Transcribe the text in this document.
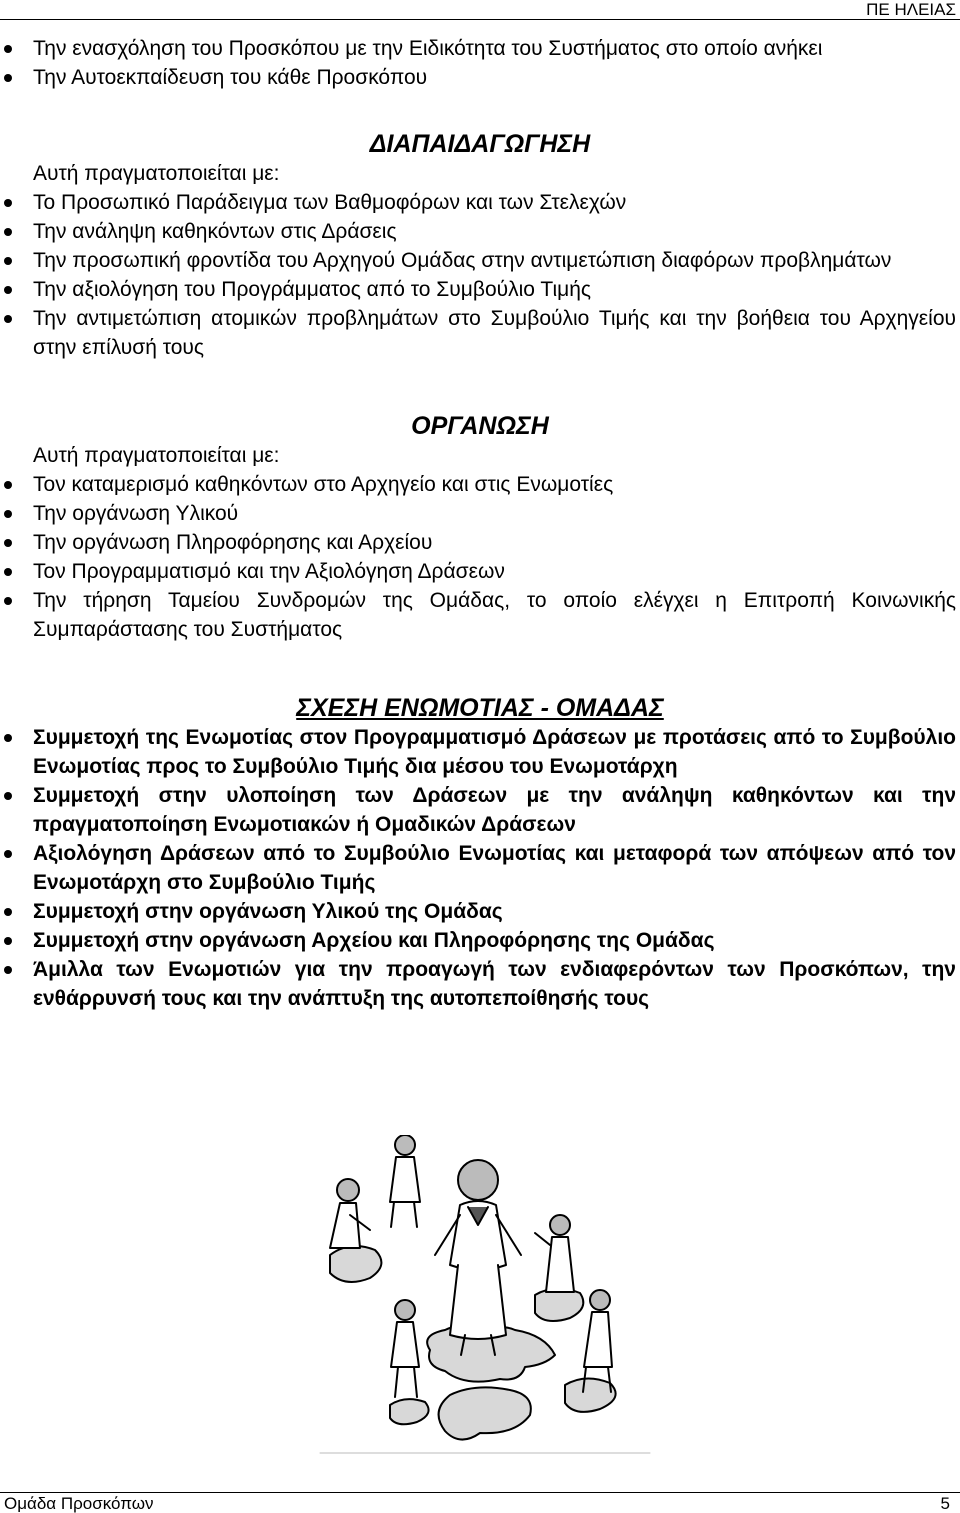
ΠΕ ΗΛΕΙΑΣ
Την ενασχόληση του Προσκόπου με την Ειδικότητα του Συστήματος στο οποίο ανήκει
Την Αυτοεκπαίδευση του κάθε Προσκόπου
ΔΙΑΠΑΙΔΑΓΩΓΗΣΗ
Αυτή πραγματοποιείται με:
Το Προσωπικό Παράδειγμα των Βαθμοφόρων και των Στελεχών
Την ανάληψη καθηκόντων στις Δράσεις
Την προσωπική φροντίδα του Αρχηγού Ομάδας στην αντιμετώπιση διαφόρων προβλημάτων
Την αξιολόγηση του Προγράμματος από το Συμβούλιο Τιμής
Την αντιμετώπιση ατομικών προβλημάτων στο Συμβούλιο Τιμής και την βοήθεια του Αρχηγείου στην επίλυσή τους
ΟΡΓΑΝΩΣΗ
Αυτή πραγματοποιείται με:
Τον καταμερισμό καθηκόντων στο Αρχηγείο και στις Ενωμοτίες
Την οργάνωση Υλικού
Την οργάνωση Πληροφόρησης και Αρχείου
Τον Προγραμματισμό και την Αξιολόγηση Δράσεων
Την τήρηση Ταμείου Συνδρομών της Ομάδας, το οποίο ελέγχει η Επιτροπή Κοινωνικής Συμπαράστασης του Συστήματος
ΣΧΕΣΗ ΕΝΩΜΟΤΙΑΣ - ΟΜΑΔΑΣ
Συμμετοχή της Ενωμοτίας στον Προγραμματισμό Δράσεων με προτάσεις από το Συμβούλιο Ενωμοτίας προς το Συμβούλιο Τιμής δια μέσου του Ενωμοτάρχη
Συμμετοχή στην υλοποίηση των Δράσεων με την ανάληψη καθηκόντων και την πραγματοποίηση Ενωμοτιακών ή Ομαδικών Δράσεων
Αξιολόγηση Δράσεων από το Συμβούλιο Ενωμοτίας και μεταφορά των απόψεων από τον Ενωμοτάρχη στο Συμβούλιο Τιμής
Συμμετοχή στην οργάνωση Υλικού της Ομάδας
Συμμετοχή στην οργάνωση Αρχείου και Πληροφόρησης της Ομάδας
Άμιλλα των Ενωμοτιών για την προαγωγή των ενδιαφερόντων των Προσκόπων, την ενθάρρυνσή τους και την ανάπτυξη της αυτοπεποίθησής τους
Ομάδα Προσκόπων	5
